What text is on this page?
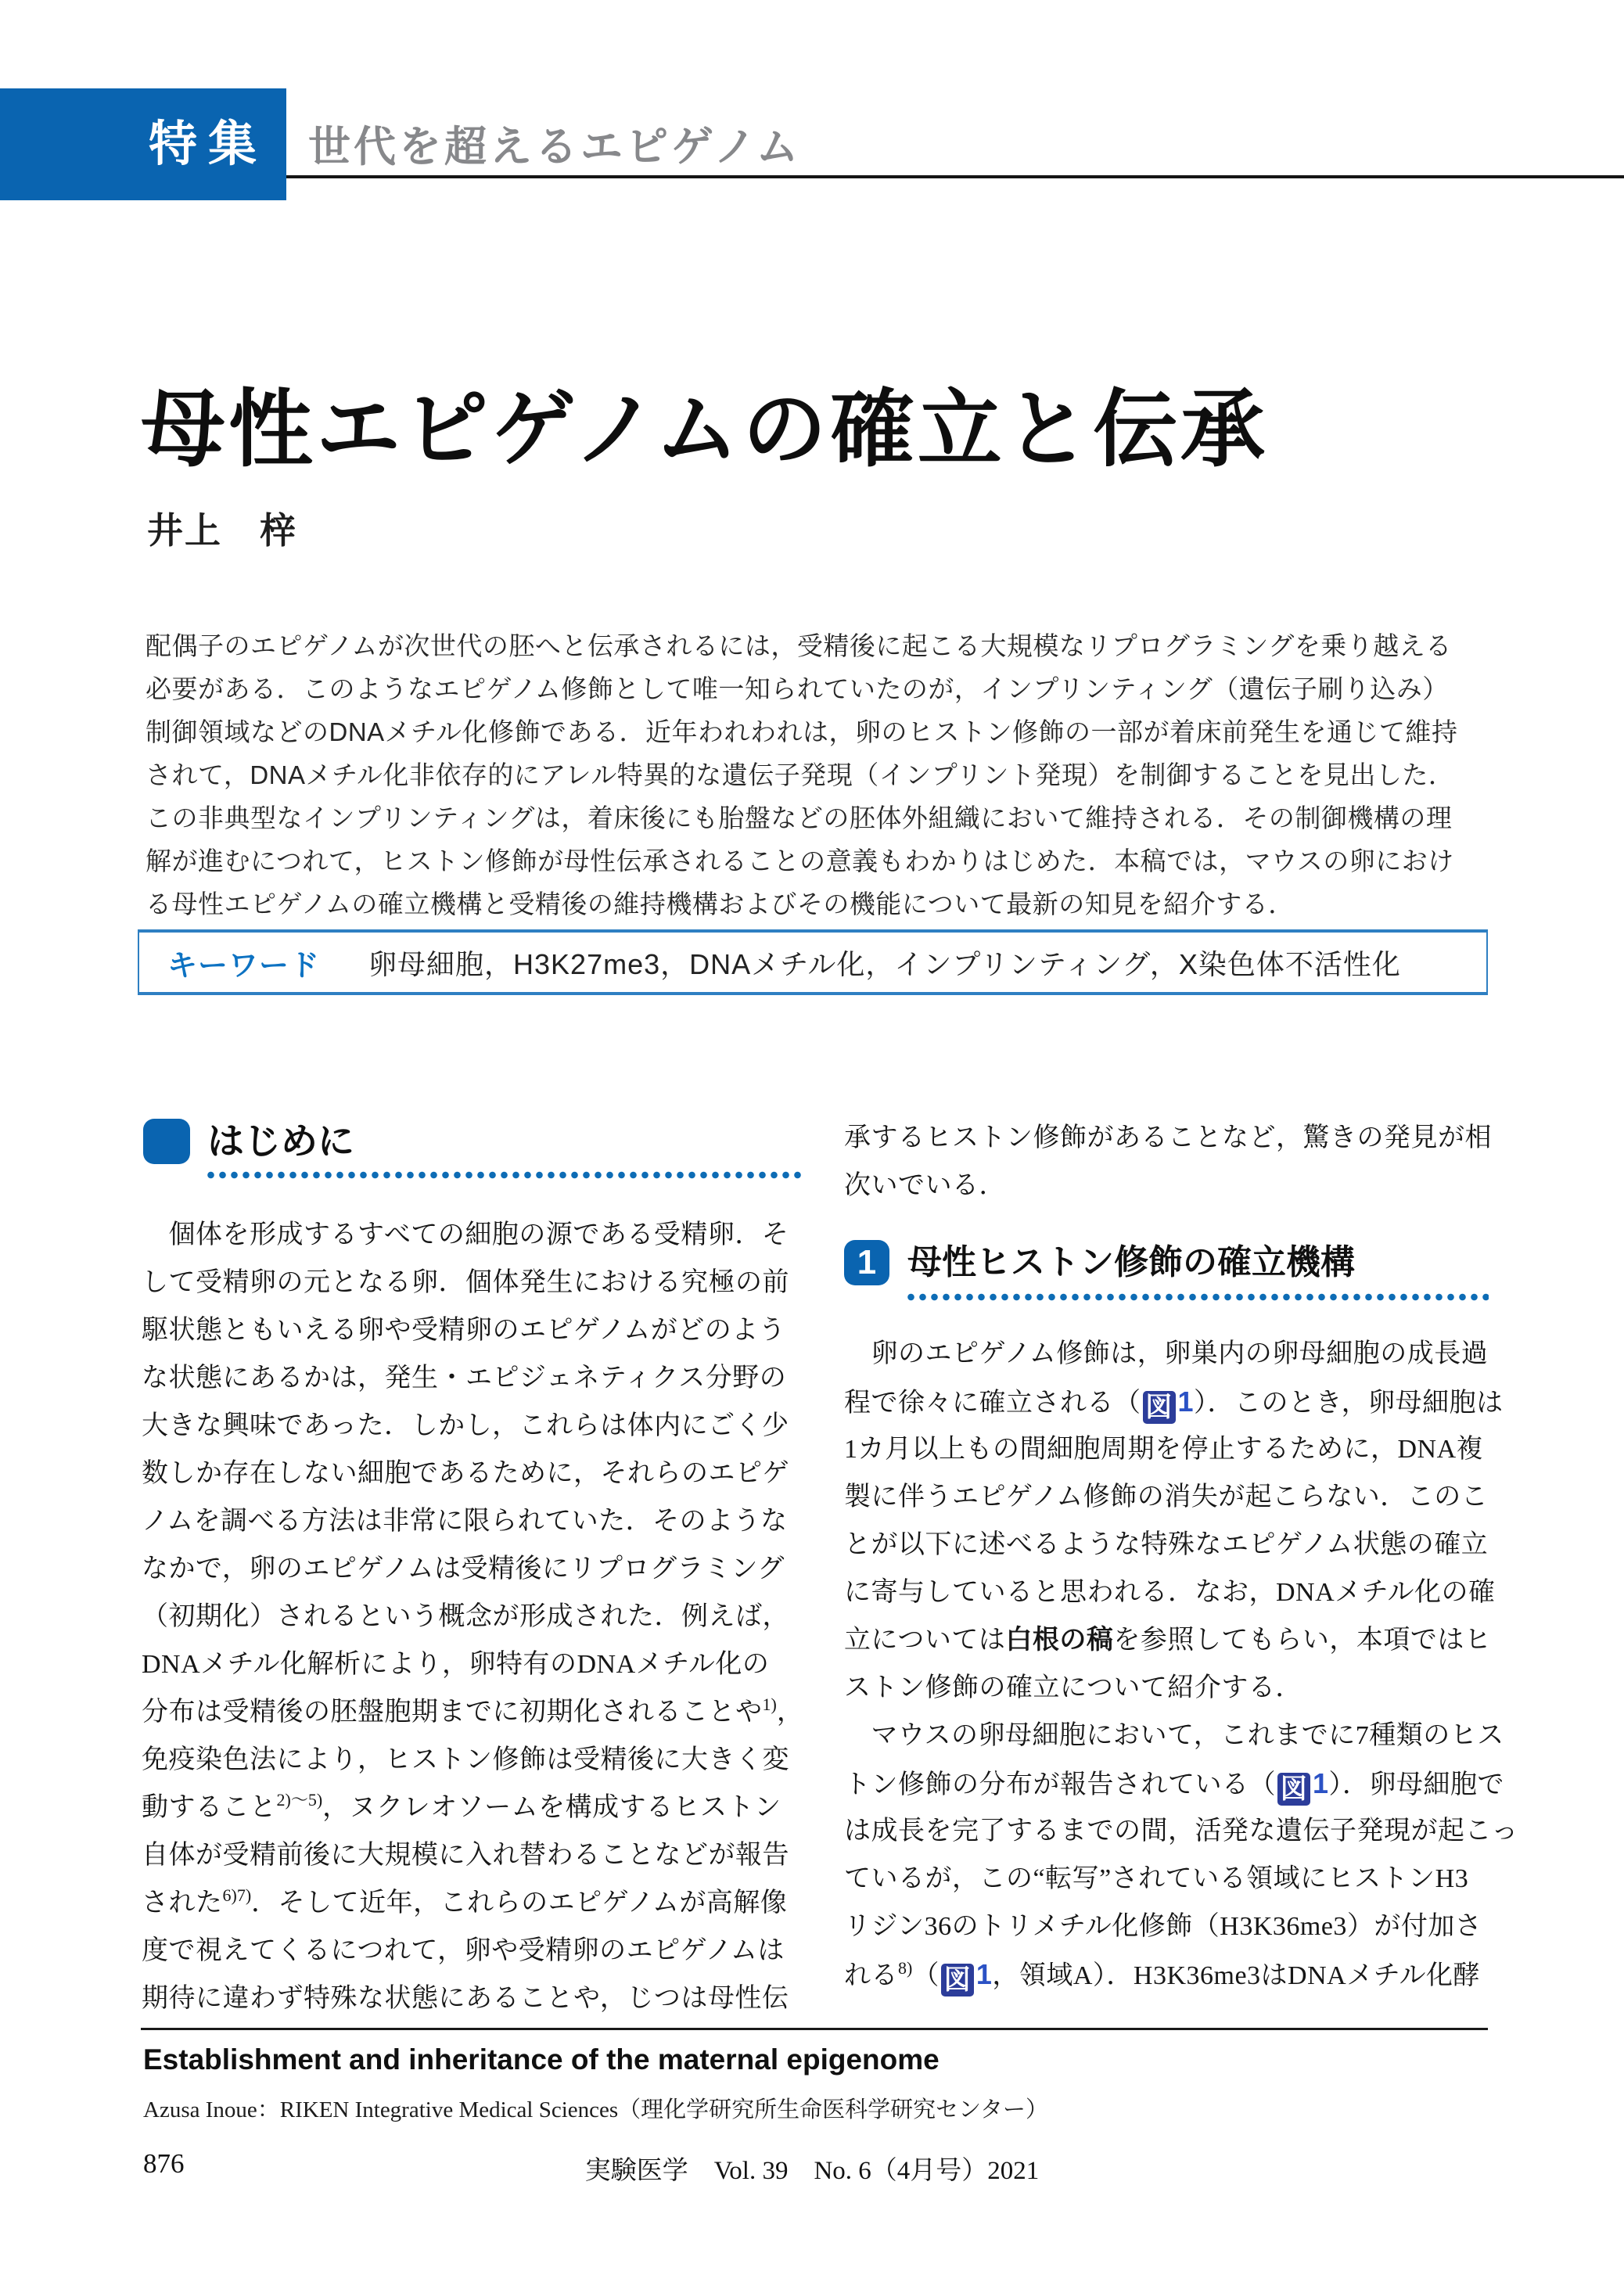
特集 世代を超えるエピゲノム
母性エピゲノムの確立と伝承
井上　梓
配偶子のエピゲノムが次世代の胚へと伝承されるには，受精後に起こる大規模なリプログラミングを乗り越える
必要がある．このようなエピゲノム修飾として唯一知られていたのが，インプリンティング（遺伝子刷り込み）
制御領域などのDNAメチル化修飾である．近年われわれは，卵のヒストン修飾の一部が着床前発生を通じて維持
されて，DNAメチル化非依存的にアレル特異的な遺伝子発現（インプリント発現）を制御することを見出した．
この非典型なインプリンティングは，着床後にも胎盤などの胚体外組織において維持される．その制御機構の理
解が進むにつれて，ヒストン修飾が母性伝承されることの意義もわかりはじめた．本稿では，マウスの卵におけ
る母性エピゲノムの確立機構と受精後の維持機構およびその機能について最新の知見を紹介する．
キーワード 卵母細胞，H3K27me3，DNAメチル化，インプリンティング，X染色体不活性化
はじめに
　個体を形成するすべての細胞の源である受精卵．そ
して受精卵の元となる卵．個体発生における究極の前
駆状態ともいえる卵や受精卵のエピゲノムがどのよう
な状態にあるかは，発生・エピジェネティクス分野の
大きな興味であった．しかし，これらは体内にごく少
数しか存在しない細胞であるために，それらのエピゲ
ノムを調べる方法は非常に限られていた．そのような
なかで，卵のエピゲノムは受精後にリプログラミング
（初期化）されるという概念が形成された．例えば，
DNAメチル化解析により，卵特有のDNAメチル化の
分布は受精後の胚盤胞期までに初期化されることや$^{1)}$，
免疫染色法により，ヒストン修飾は受精後に大きく変
動すること$^{2)\sim 5)}$，ヌクレオソームを構成するヒストン
自体が受精前後に大規模に入れ替わることなどが報告
された$^{6)7)}$．そして近年，これらのエピゲノムが高解像
度で視えてくるにつれて，卵や受精卵のエピゲノムは
期待に違わず特殊な状態にあることや，じつは母性伝
承するヒストン修飾があることなど，驚きの発見が相
次いでいる．
1 母性ヒストン修飾の確立機構
　卵のエピゲノム修飾は，卵巣内の卵母細胞の成長過
程で徐々に確立される（ 図 1）．このとき，卵母細胞は
1カ月以上もの間細胞周期を停止するために，DNA複
製に伴うエピゲノム修飾の消失が起こらない．このこ
とが以下に述べるような特殊なエピゲノム状態の確立
に寄与していると思われる．なお，DNAメチル化の確
立については白根の稿を参照してもらい，本項ではヒ
ストン修飾の確立について紹介する．
　マウスの卵母細胞において，これまでに7種類のヒス
トン修飾の分布が報告されている（ 図 1）．卵母細胞で
は成長を完了するまでの間，活発な遺伝子発現が起こっ
ているが，この“転写”されている領域にヒストンH3
リジン36のトリメチル化修飾（H3K36me3）が付加さ
れる$^{8)}$（ 図 1，領域A）．H3K36me3はDNAメチル化酵
Establishment and inheritance of the maternal epigenome
Azusa Inoue：RIKEN Integrative Medical Sciences（理化学研究所生命医科学研究センター）
876	実験医学　Vol. 39　No. 6（4月号）2021
